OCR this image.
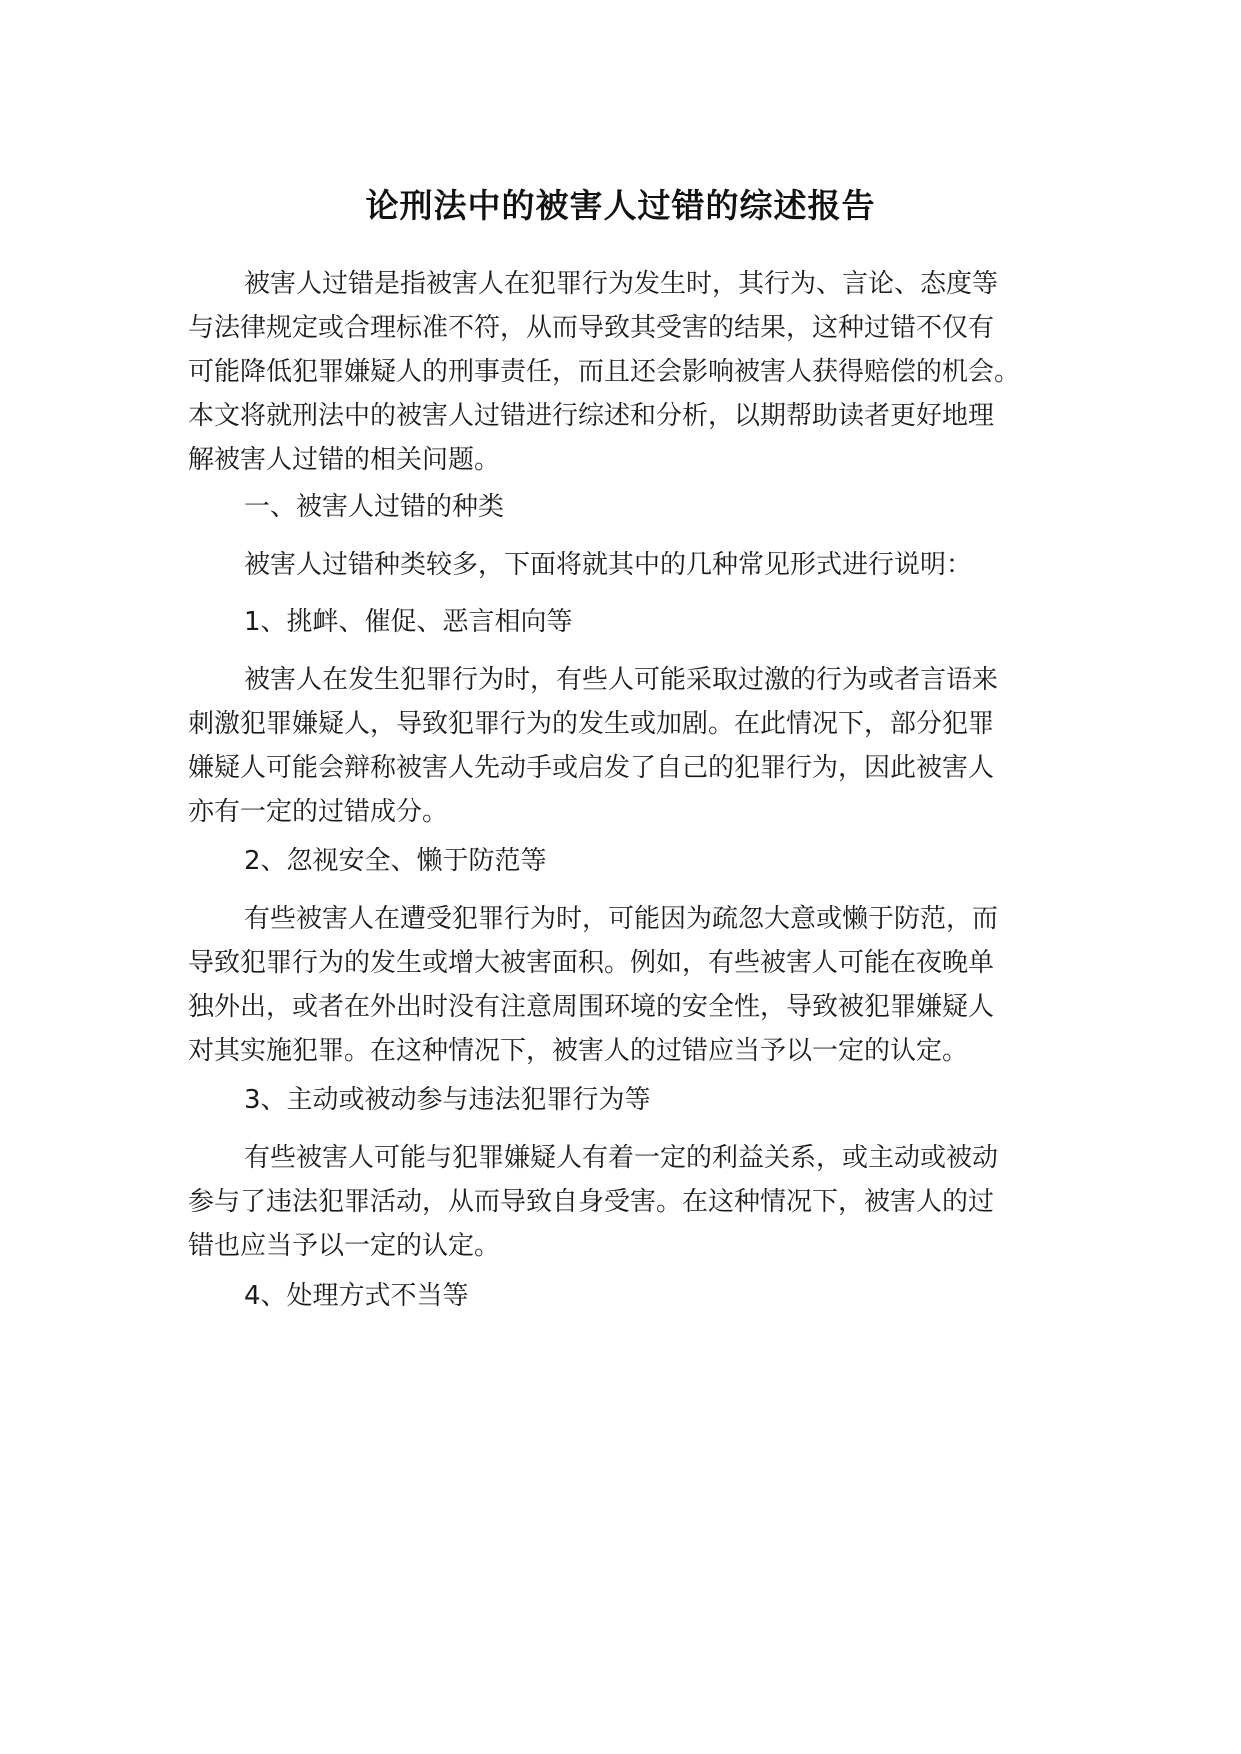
论刑法中的被害人过错的综述报告
被害人过错是指被害人在犯罪行为发生时，其行为、言论、态度等
与法律规定或合理标准不符，从而导致其受害的结果，这种过错不仅有
可能降低犯罪嫌疑人的刑事责任，而且还会影响被害人获得赔偿的机会。
本文将就刑法中的被害人过错进行综述和分析，以期帮助读者更好地理
解被害人过错的相关问题。
一、被害人过错的种类
被害人过错种类较多，下面将就其中的几种常见形式进行说明：
1、挑衅、催促、恶言相向等
被害人在发生犯罪行为时，有些人可能采取过激的行为或者言语来
刺激犯罪嫌疑人，导致犯罪行为的发生或加剧。在此情况下，部分犯罪
嫌疑人可能会辩称被害人先动手或启发了自己的犯罪行为，因此被害人
亦有一定的过错成分。
2、忽视安全、懒于防范等
有些被害人在遭受犯罪行为时，可能因为疏忽大意或懒于防范，而
导致犯罪行为的发生或增大被害面积。例如，有些被害人可能在夜晚单
独外出，或者在外出时没有注意周围环境的安全性，导致被犯罪嫌疑人
对其实施犯罪。在这种情况下，被害人的过错应当予以一定的认定。
3、主动或被动参与违法犯罪行为等
有些被害人可能与犯罪嫌疑人有着一定的利益关系，或主动或被动
参与了违法犯罪活动，从而导致自身受害。在这种情况下，被害人的过
错也应当予以一定的认定。
4、处理方式不当等
